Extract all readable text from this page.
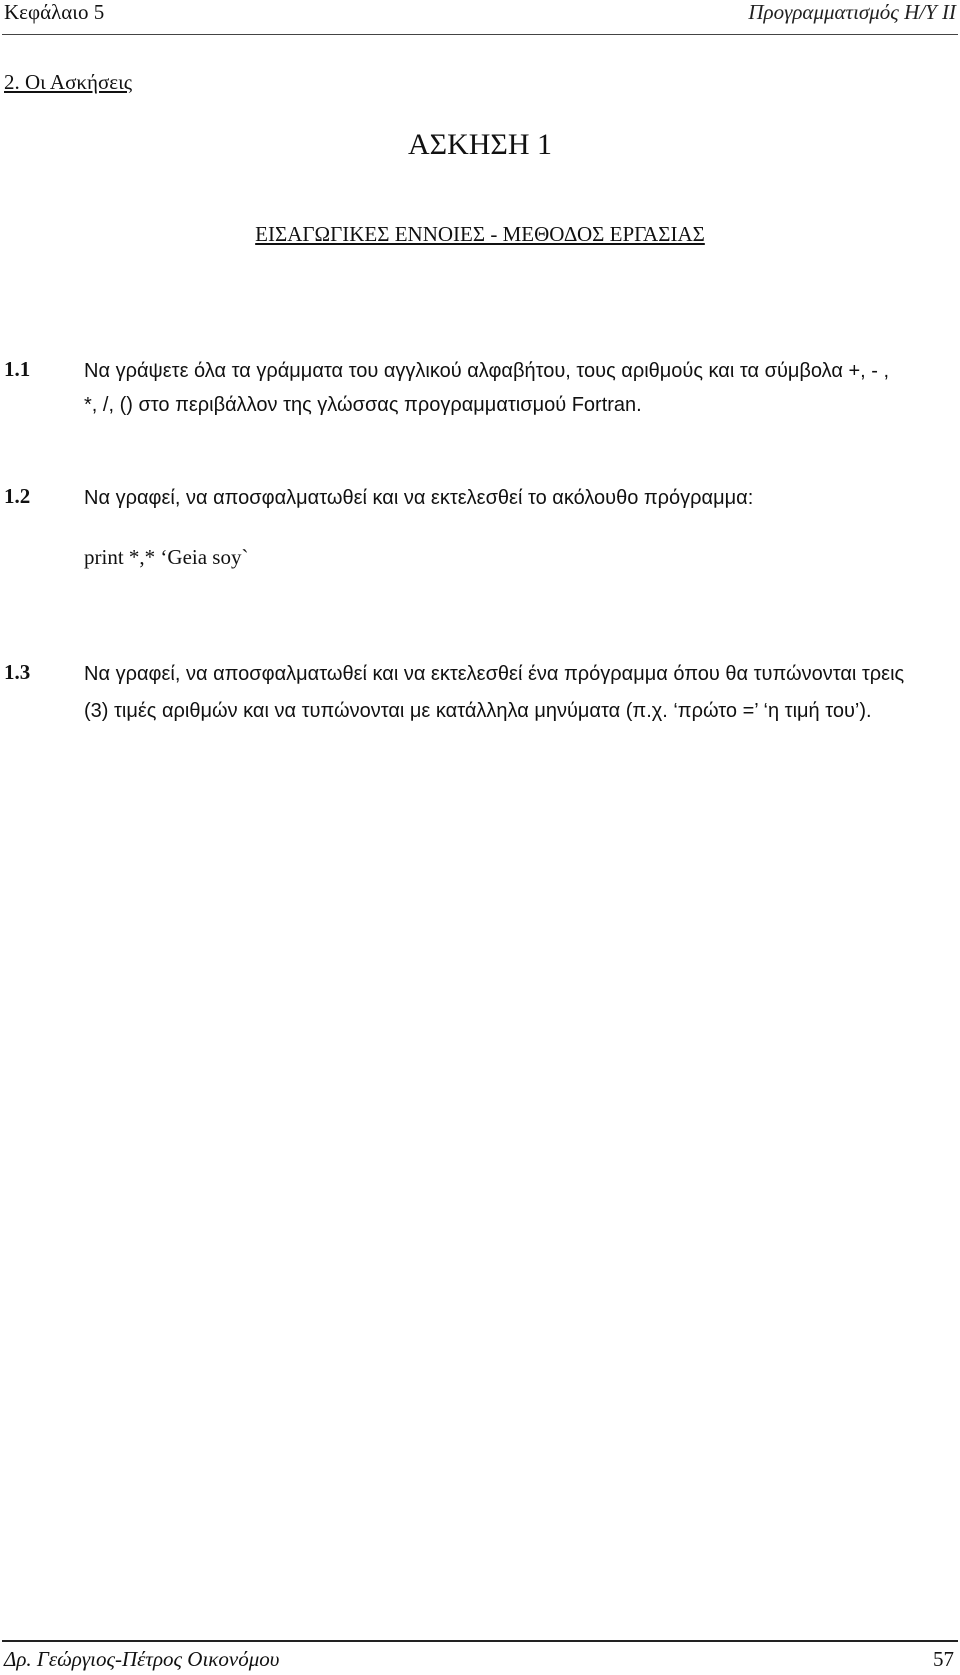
Κεφάλαιο 5	Προγραμματισμός Η/Υ ΙΙ
2. Οι Ασκήσεις
ΑΣΚΗΣΗ 1
ΕΙΣΑΓΩΓΙΚΕΣ ΕΝΝΟΙΕΣ - ΜΕΘΟΔΟΣ ΕΡΓΑΣΙΑΣ
1.1	Να γράψετε όλα τα γράμματα του αγγλικού αλφαβήτου, τους αριθμούς και τα σύμβολα +, - ,
*, /, () στο περιβάλλον της γλώσσας προγραμματισμού Fortran.
1.2	Να γραφεί, να αποσφαλματωθεί και να εκτελεσθεί το ακόλουθο πρόγραμμα:
print *,* ‘Geia soy`
1.3	Να γραφεί, να αποσφαλματωθεί και να εκτελεσθεί ένα πρόγραμμα όπου θα τυπώνονται τρεις
(3) τιμές αριθμών και να τυπώνονται με κατάλληλα μηνύματα (π.χ. ‘πρώτο =’ ‘η τιμή του’).
Δρ. Γεώργιος-Πέτρος Οικονόμου	57
